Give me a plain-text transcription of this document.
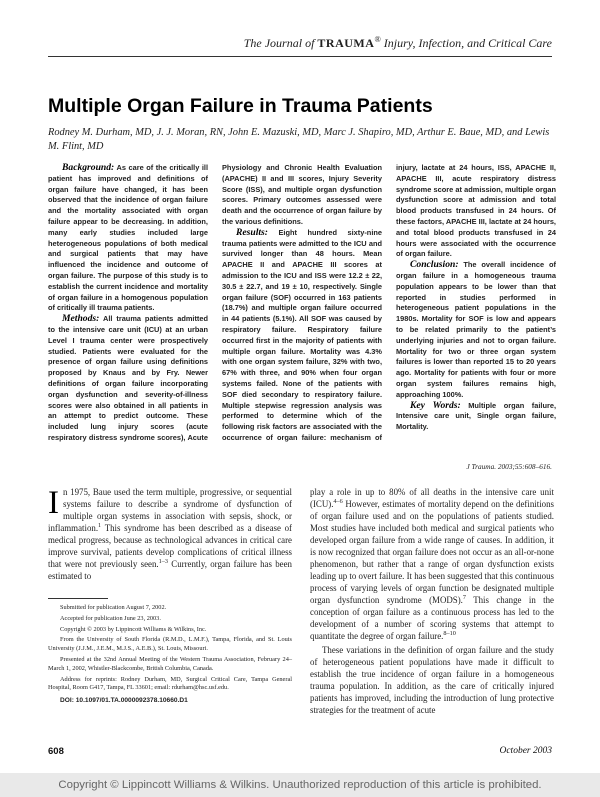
The Journal of TRAUMA® Injury, Infection, and Critical Care
Multiple Organ Failure in Trauma Patients
Rodney M. Durham, MD, J. J. Moran, RN, John E. Mazuski, MD, Marc J. Shapiro, MD, Arthur E. Baue, MD, and Lewis M. Flint, MD

Background: As care of the critically ill patient has improved and definitions of organ failure have changed, it has been observed that the incidence of organ failure and the mortality associated with organ failure appear to be decreasing. In addition, many early studies included large heterogeneous populations of both medical and surgical patients that may have influenced the incidence and outcome of organ failure. The purpose of this study is to establish the current incidence and mortality of organ failure in a homogenous population of critically ill trauma patients.

Methods: All trauma patients admitted to the intensive care unit (ICU) at an urban Level I trauma center were prospectively studied. Patients were evaluated for the presence of organ failure using definitions proposed by Knaus and by Fry. Newer definitions of organ failure incorporating organ dysfunction and severity-of-illness scores were also obtained in all patients in an attempt to predict outcome. These included lung injury scores (acute respiratory distress syndrome scores), Acute Physiology and Chronic Health Evaluation (APACHE) II and III scores, Injury Severity Score (ISS), and multiple organ dysfunction scores. Primary outcomes assessed were death and the occurrence of organ failure by the various definitions.

Results: Eight hundred sixty-nine trauma patients were admitted to the ICU and survived longer than 48 hours. Mean APACHE II and APACHE III scores at admission to the ICU and ISS were 12.2 ± 22, 30.5 ± 22.7, and 19 ± 10, respectively. Single organ failure (SOF) occurred in 163 patients (18.7%) and multiple organ failure occurred in 44 patients (5.1%). All SOF was caused by respiratory failure. Respiratory failure occurred first in the majority of patients with multiple organ failure. Mortality was 4.3% with one organ system failure, 32% with two, 67% with three, and 90% when four organ systems failed. None of the patients with SOF died secondary to respiratory failure. Multiple stepwise regression analysis was performed to determine which of the following risk factors are associated with the occurrence of organ failure: mechanism of injury, lactate at 24 hours, ISS, APACHE II, APACHE III, acute respiratory distress syndrome score at admission, multiple organ dysfunction score at admission and total blood products transfused in 24 hours. Of these factors, APACHE III, lactate at 24 hours, and total blood products transfused in 24 hours were associated with the occurrence of organ failure.

Conclusion: The overall incidence of organ failure in a homogeneous trauma population appears to be lower than that reported in studies performed in heterogeneous patient populations in the 1980s. Mortality for SOF is low and appears to be related primarily to the patient’s underlying injuries and not to organ failure. Mortality for two or three organ system failures is lower than reported 15 to 20 years ago. Mortality for patients with four or more organ system failures remains high, approaching 100%.

Key Words: Multiple organ failure, Intensive care unit, Single organ failure, Mortality.

J Trauma. 2003;55:608–616.

In 1975, Baue used the term multiple, progressive, or sequential systems failure to describe a syndrome of dysfunction of multiple organ systems in association with sepsis, shock, or inflammation.$^1$ This syndrome has been described as a disease of medical progress, because as technological advances in critical care improve survival, patients develop complications of critical illness that were not previously seen.$^{1-3}$ Currently, organ failure has been estimated to

Submitted for publication August 7, 2002.

Accepted for publication June 23, 2003.

Copyright © 2003 by Lippincott Williams & Wilkins, Inc.

From the University of South Florida (R.M.D., L.M.F.), Tampa, Florida, and St. Louis University (J.J.M., J.E.M., M.J.S., A.E.B.), St. Louis, Missouri.

Presented at the 32nd Annual Meeting of the Western Trauma Association, February 24–March 1, 2002, Whistler-Blackcombe, British Columbia, Canada.

Address for reprints: Rodney Durham, MD, Surgical Critical Care, Tampa General Hospital, Room G417, Tampa, FL 33601; email: rdurham@hsc.usf.edu.

DOI: 10.1097/01.TA.0000092378.10660.D1

play a role in up to 80% of all deaths in the intensive care unit (ICU).$^{4-6}$ However, estimates of mortality depend on the definitions of organ failure used and on the populations of patients studied. Most studies have included both medical and surgical patients who developed organ failure from a wide range of causes. In addition, it is now recognized that organ failure does not occur as an all-or-none phenomenon, but rather that a range of organ dysfunction exists leading up to overt failure. It has been suggested that this continuous process of varying levels of organ function be designated multiple organ dysfunction syndrome (MODS).$^7$ This change in the conception of organ failure as a continuous process has led to the development of a number of scoring systems that attempt to quantitate the degree of organ failure.$^{8-10}$

These variations in the definition of organ failure and the study of heterogeneous patient populations have made it difficult to establish the true incidence of organ failure in a homogeneous trauma population. In addition, as the care of critically injured patients has improved, including the introduction of lung protective strategies for the treatment of acute

608	October 2003
Copyright © Lippincott Williams & Wilkins. Unauthorized reproduction of this article is prohibited.
